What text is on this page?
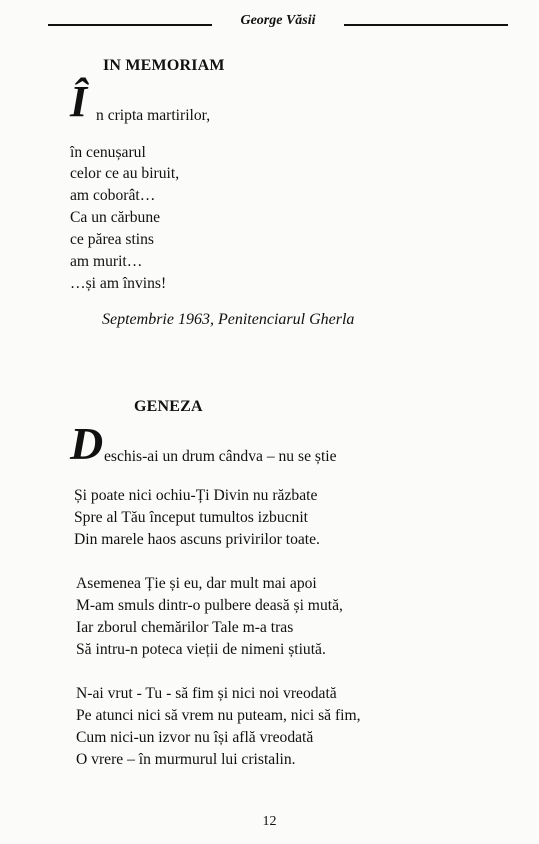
George Văsii
IN MEMORIAM
Î n cripta martirilor,
în cenușarul
celor ce au biruit,
am coborât…
Ca un cărbune
ce părea stins
am murit…
…și am învins!
Septembrie 1963, Penitenciarul Gherla
GENEZA
D eschis-ai un drum cândva – nu se știe
Și poate nici ochiu-Ți Divin nu răzbate
Spre al Tău început tumultos izbucnit
Din marele haos ascuns privirilor toate.
Asemenea Ție și eu, dar mult mai apoi
M-am smuls dintr-o pulbere deasă și mută,
Iar zborul chemărilor Tale m-a tras
Să intru-n poteca vieții de nimeni știută.
N-ai vrut - Tu - să fim și nici noi vreodată
Pe atunci nici să vrem nu puteam, nici să fim,
Cum nici-un izvor nu își află vreodată
O vrere – în murmurul lui cristalin.
12
